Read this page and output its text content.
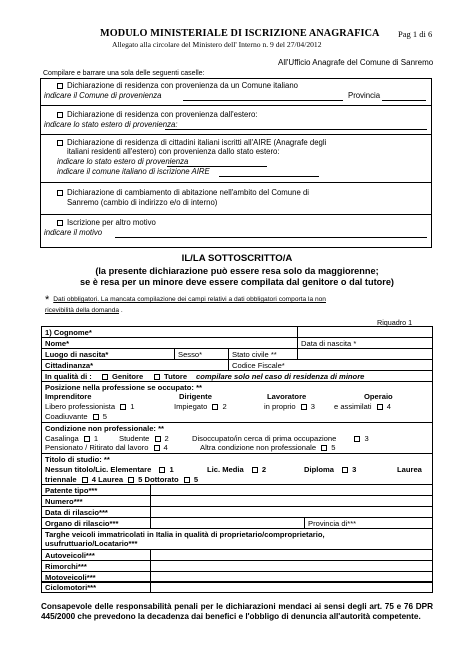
MODULO MINISTERIALE DI ISCRIZIONE ANAGRAFICA Pag 1 di 6
Allegato alla circolare del Ministero dell' Interno n. 9 del 27/04/2012
All'Ufficio Anagrafe del Comune di Sanremo
Compilare e barrare una sola delle seguenti caselle:
Dichiarazione di residenza con provenienza da un Comune italiano
indicare il Comune di provenienza	Provincia
Dichiarazione di residenza con provenienza dall'estero:
indicare lo stato estero di provenienza:
Dichiarazione di residenza di cittadini italiani iscritti all'AIRE (Anagrafe degli
italiani residenti all'estero) con provenienza dallo stato estero:
indicare lo stato estero di provenienza
indicare il comune italiano di iscrizione AIRE
Dichiarazione di cambiamento di abitazione nell'ambito del Comune di
Sanremo (cambio di indirizzo e/o di interno)
Iscrizione per altro motivo
indicare il motivo
IL/LA SOTTOSCRITTO/A
(la presente dichiarazione può essere resa solo da maggiorenne;
se è resa per un minore deve essere compilata dal genitore o dal tutore)
* Dati obbligatori. La mancata compilazione dei campi relativi a dati obbligatori comporta la non
ricevibilità della domanda .
Riquadro 1
1) Cognome*
Nome*	Data di nascita *
Luogo di nascita*	Sesso*	Stato civile **
Cittadinanza*	Codice Fiscale*
In qualità di :	Genitore	Tutore compilare solo nel caso di residenza di minore
Posizione nella professione se occupato: **
Imprenditore	Dirigente	Lavoratore	Operaio
Libero professionista 1	Impiegato 2	in proprio 3 e assimilati 4
Coadiuvante 5
Condizione non professionale: **
Casalinga 1	Studente 2	Disoccupato/in cerca di prima occupazione	3
Pensionato / Ritirato dal lavoro 4	Altra condizione non professionale 5
Titolo di studio: **
Nessun titolo/Lic. Elementare 1	Lic. Media 2	Diploma 3	Laurea
triennale 4 Laurea 5 Dottorato 5
Patente tipo***
Numero***
Data di rilascio***
Organo di rilascio***	Provincia di***
Targhe veicoli immatricolati in Italia in qualità di proprietario/comproprietario,
usufruttuario/Locatario***
Autoveicoli***
Rimorchi***
Motoveicoli***
Ciclomotori***
Consapevole delle responsabilità penali per le dichiarazioni mendaci ai sensi degli art. 75 e 76 DPR 445/2000 che prevedono la decadenza dai benefici e l'obbligo di denuncia all'autorità competente.
